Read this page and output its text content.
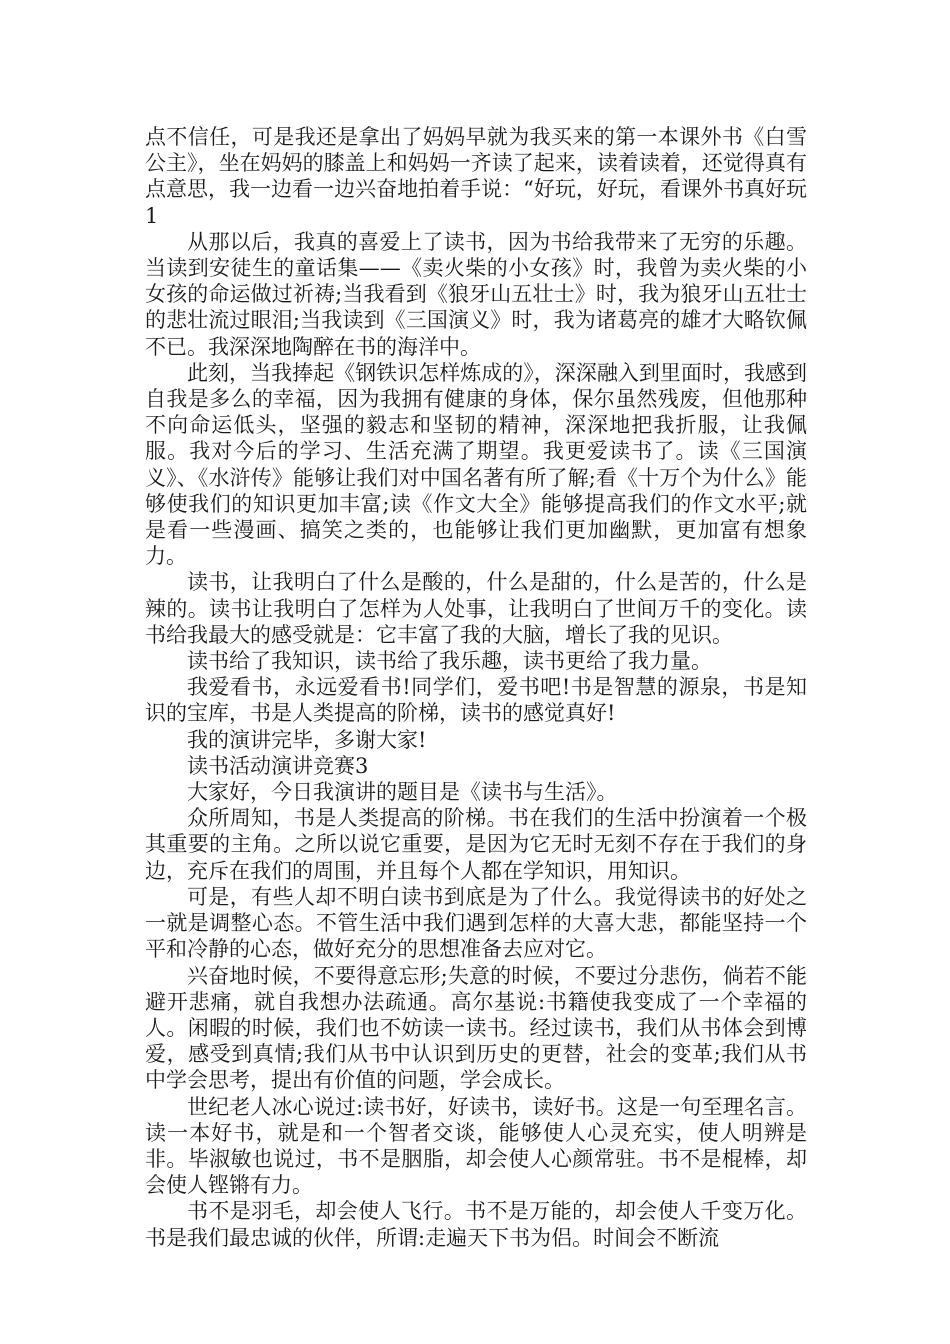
点不信任，可是我还是拿出了妈妈早就为我买来的第一本课外书《白雪公主》，坐在妈妈的膝盖上和妈妈一齐读了起来，读着读着，还觉得真有点意思，我一边看一边兴奋地拍着手说：“好玩，好玩，看课外书真好玩1

从那以后，我真的喜爱上了读书，因为书给我带来了无穷的乐趣。当读到安徒生的童话集——《卖火柴的小女孩》时，我曾为卖火柴的小女孩的命运做过祈祷;当我看到《狼牙山五壮士》时，我为狼牙山五壮士的悲壮流过眼泪;当我读到《三国演义》时，我为诸葛亮的雄才大略钦佩不已。我深深地陶醉在书的海洋中。

此刻，当我捧起《钢铁识怎样炼成的》，深深融入到里面时，我感到自我是多么的幸福，因为我拥有健康的身体，保尔虽然残废，但他那种不向命运低头，坚强的毅志和坚韧的精神，深深地把我折服，让我佩服。我对今后的学习、生活充满了期望。我更爱读书了。读《三国演义》、《水浒传》能够让我们对中国名著有所了解;看《十万个为什么》能够使我们的知识更加丰富;读《作文大全》能够提高我们的作文水平;就是看一些漫画、搞笑之类的，也能够让我们更加幽默，更加富有想象力。

读书，让我明白了什么是酸的，什么是甜的，什么是苦的，什么是辣的。读书让我明白了怎样为人处事，让我明白了世间万千的变化。读书给我最大的感受就是：它丰富了我的大脑，增长了我的见识。

读书给了我知识，读书给了我乐趣，读书更给了我力量。

我爱看书，永远爱看书!同学们，爱书吧!书是智慧的源泉，书是知识的宝库，书是人类提高的阶梯，读书的感觉真好!

我的演讲完毕，多谢大家!

读书活动演讲竞赛3

大家好，今日我演讲的题目是《读书与生活》。

众所周知，书是人类提高的阶梯。书在我们的生活中扮演着一个极其重要的主角。之所以说它重要，是因为它无时无刻不存在于我们的身边，充斥在我们的周围，并且每个人都在学知识，用知识。

可是，有些人却不明白读书到底是为了什么。我觉得读书的好处之一就是调整心态。不管生活中我们遇到怎样的大喜大悲，都能坚持一个平和冷静的心态，做好充分的思想准备去应对它。

兴奋地时候，不要得意忘形;失意的时候，不要过分悲伤，倘若不能避开悲痛，就自我想办法疏通。高尔基说:书籍使我变成了一个幸福的人。闲暇的时候，我们也不妨读一读书。经过读书，我们从书体会到博爱，感受到真情;我们从书中认识到历史的更替，社会的变革;我们从书中学会思考，提出有价值的问题，学会成长。

世纪老人冰心说过:读书好，好读书，读好书。这是一句至理名言。读一本好书，就是和一个智者交谈，能够使人心灵充实，使人明辨是非。毕淑敏也说过，书不是胭脂，却会使人心颜常驻。书不是棍棒，却会使人铿锵有力。

书不是羽毛，却会使人飞行。书不是万能的，却会使人千变万化。书是我们最忠诚的伙伴，所谓:走遍天下书为侣。时间会不断流
